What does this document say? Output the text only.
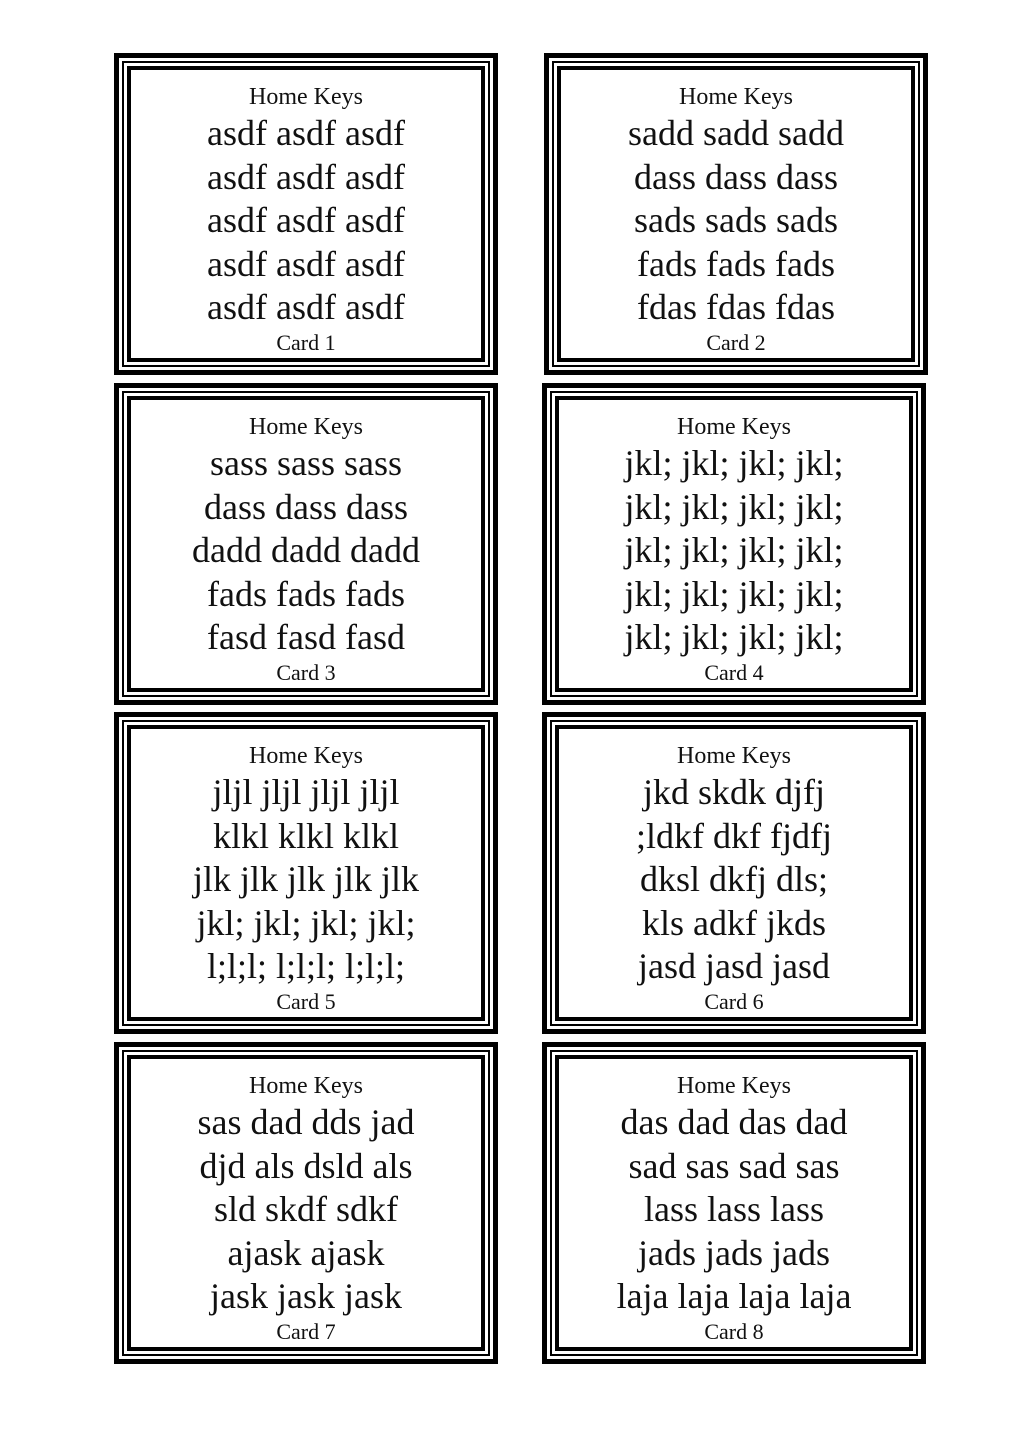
Home Keys
asdf asdf asdf
asdf asdf asdf
asdf asdf asdf
asdf asdf asdf
asdf asdf asdf
Card 1
Home Keys
sadd sadd sadd
dass dass dass
sads sads sads
fads fads fads
fdas fdas fdas
Card 2
Home Keys
sass sass sass
dass dass dass
dadd dadd dadd
fads fads fads
fasd fasd fasd
Card 3
Home Keys
jkl; jkl; jkl; jkl;
jkl; jkl; jkl; jkl;
jkl; jkl; jkl; jkl;
jkl; jkl; jkl; jkl;
jkl; jkl; jkl; jkl;
Card 4
Home Keys
jljl jljl jljl jljl
klkl klkl klkl
jlk jlk jlk jlk jlk
jkl; jkl; jkl; jkl;
l;l;l; l;l;l; l;l;l;
Card 5
Home Keys
jkd skdk djfj
;ldkf dkf fjdfj
dksl dkfj dls;
kls adkf jkds
jasd jasd jasd
Card 6
Home Keys
sas dad dds jad
djd als dsld als
sld skdf sdkf
ajask ajask
jask jask jask
Card 7
Home Keys
das dad das dad
sad sas sad sas
lass lass lass
jads jads jads
laja laja laja laja
Card 8
